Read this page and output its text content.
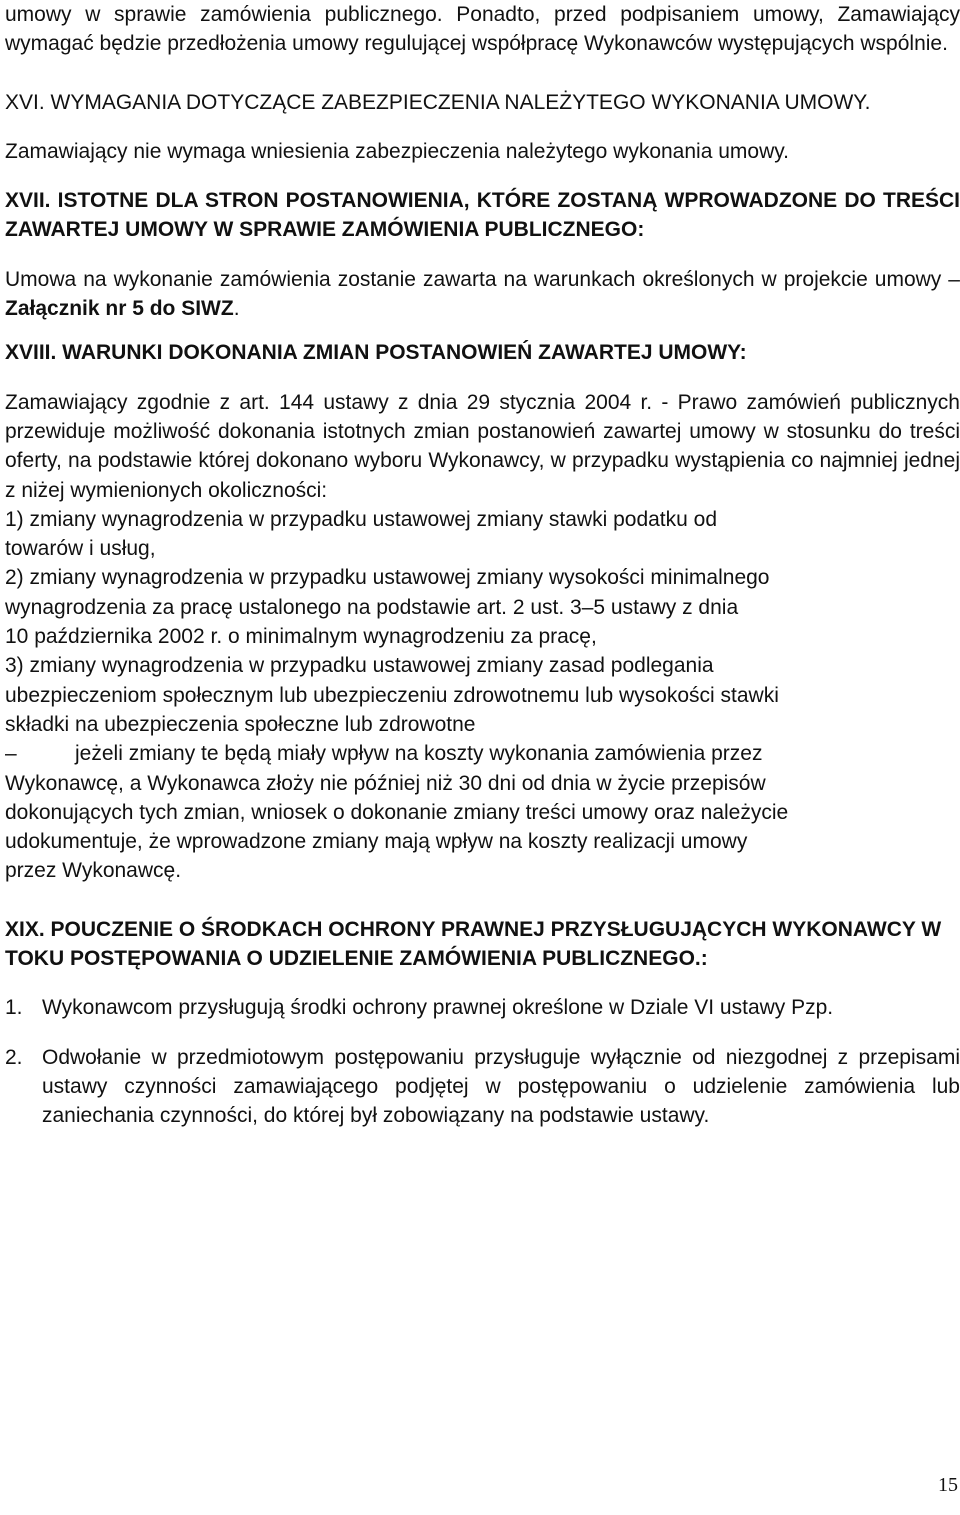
umowy w sprawie zamówienia publicznego. Ponadto, przed podpisaniem umowy, Zamawiający wymagać będzie przedłożenia umowy regulującej współpracę Wykonawców występujących wspólnie.

XVI. WYMAGANIA DOTYCZĄCE ZABEZPIECZENIA NALEŻYTEGO WYKONANIA UMOWY.

Zamawiający nie wymaga wniesienia zabezpieczenia należytego wykonania umowy.

XVII. ISTOTNE DLA STRON POSTANOWIENIA, KTÓRE ZOSTANĄ WPROWADZONE DO TREŚCI ZAWARTEJ UMOWY W SPRAWIE ZAMÓWIENIA PUBLICZNEGO:

Umowa na wykonanie zamówienia zostanie zawarta na warunkach określonych w projekcie umowy – Załącznik nr 5 do SIWZ.

XVIII. WARUNKI DOKONANIA ZMIAN POSTANOWIEŃ ZAWARTEJ UMOWY:

Zamawiający zgodnie z art. 144 ustawy z dnia 29 stycznia 2004 r. - Prawo zamówień publicznych przewiduje możliwość dokonania istotnych zmian postanowień zawartej umowy w stosunku do treści oferty, na podstawie której dokonano wyboru Wykonawcy, w przypadku wystąpienia co najmniej jednej z niżej wymienionych okoliczności:

1) zmiany wynagrodzenia w przypadku ustawowej zmiany stawki podatku od

towarów i usług,

2) zmiany wynagrodzenia w przypadku ustawowej zmiany wysokości minimalnego

wynagrodzenia za pracę ustalonego na podstawie art. 2 ust. 3–5 ustawy z dnia

10 października 2002 r. o minimalnym wynagrodzeniu za pracę,

3) zmiany wynagrodzenia w przypadku ustawowej zmiany zasad podlegania

ubezpieczeniom społecznym lub ubezpieczeniu zdrowotnemu lub wysokości stawki

składki na ubezpieczenia społeczne lub zdrowotne

–	jeżeli zmiany te będą miały wpływ na koszty wykonania zamówienia przez

Wykonawcę, a Wykonawca złoży nie później niż 30 dni od dnia w życie przepisów

dokonujących tych zmian, wniosek o dokonanie zmiany treści umowy oraz należycie

udokumentuje, że wprowadzone zmiany mają wpływ na koszty realizacji umowy

przez Wykonawcę.

XIX. POUCZENIE O ŚRODKACH OCHRONY PRAWNEJ PRZYSŁUGUJĄCYCH WYKONAWCY W TOKU POSTĘPOWANIA O UDZIELENIE ZAMÓWIENIA PUBLICZNEGO.:

1. Wykonawcom przysługują środki ochrony prawnej określone w Dziale VI ustawy Pzp.
2. Odwołanie w przedmiotowym postępowaniu przysługuje wyłącznie od niezgodnej z przepisami ustawy czynności zamawiającego podjętej w postępowaniu o udzielenie zamówienia lub zaniechania czynności, do której był zobowiązany na podstawie ustawy.
15
